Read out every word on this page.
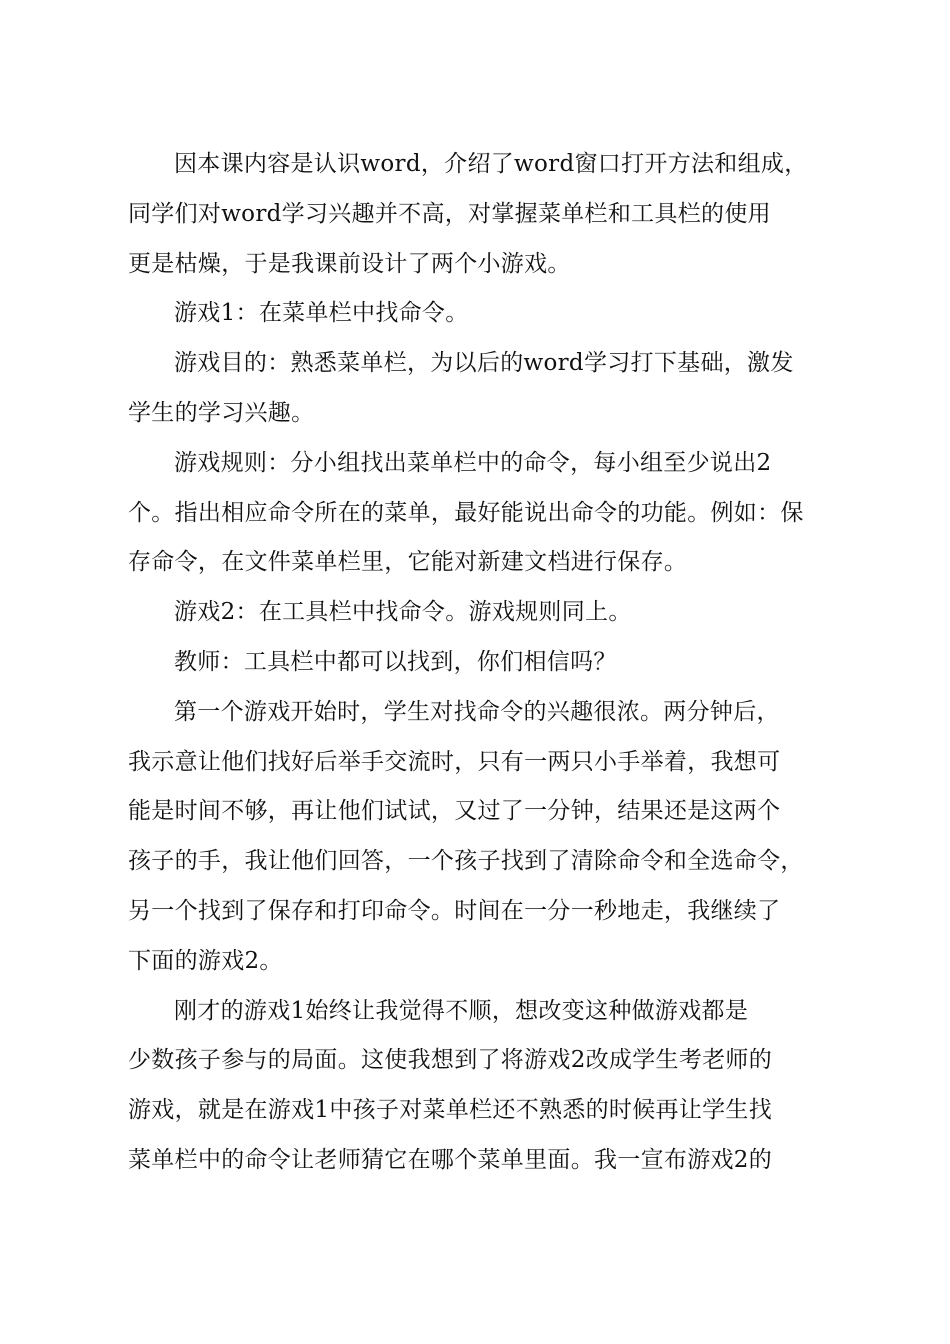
因本课内容是认识word，介绍了word窗口打开方法和组成，
同学们对word学习兴趣并不高，对掌握菜单栏和工具栏的使用
更是枯燥，于是我课前设计了两个小游戏。

游戏1：在菜单栏中找命令。

游戏目的：熟悉菜单栏，为以后的word学习打下基础，激发
学生的学习兴趣。

游戏规则：分小组找出菜单栏中的命令，每小组至少说出2
个。指出相应命令所在的菜单，最好能说出命令的功能。例如：保
存命令，在文件菜单栏里，它能对新建文档进行保存。

游戏2：在工具栏中找命令。游戏规则同上。

教师：工具栏中都可以找到，你们相信吗？

第一个游戏开始时，学生对找命令的兴趣很浓。两分钟后，
我示意让他们找好后举手交流时，只有一两只小手举着，我想可
能是时间不够，再让他们试试，又过了一分钟，结果还是这两个
孩子的手，我让他们回答，一个孩子找到了清除命令和全选命令，
另一个找到了保存和打印命令。时间在一分一秒地走，我继续了
下面的游戏2。

刚才的游戏1始终让我觉得不顺，想改变这种做游戏都是
少数孩子参与的局面。这使我想到了将游戏2改成学生考老师的
游戏，就是在游戏1中孩子对菜单栏还不熟悉的时候再让学生找
菜单栏中的命令让老师猜它在哪个菜单里面。我一宣布游戏2的
